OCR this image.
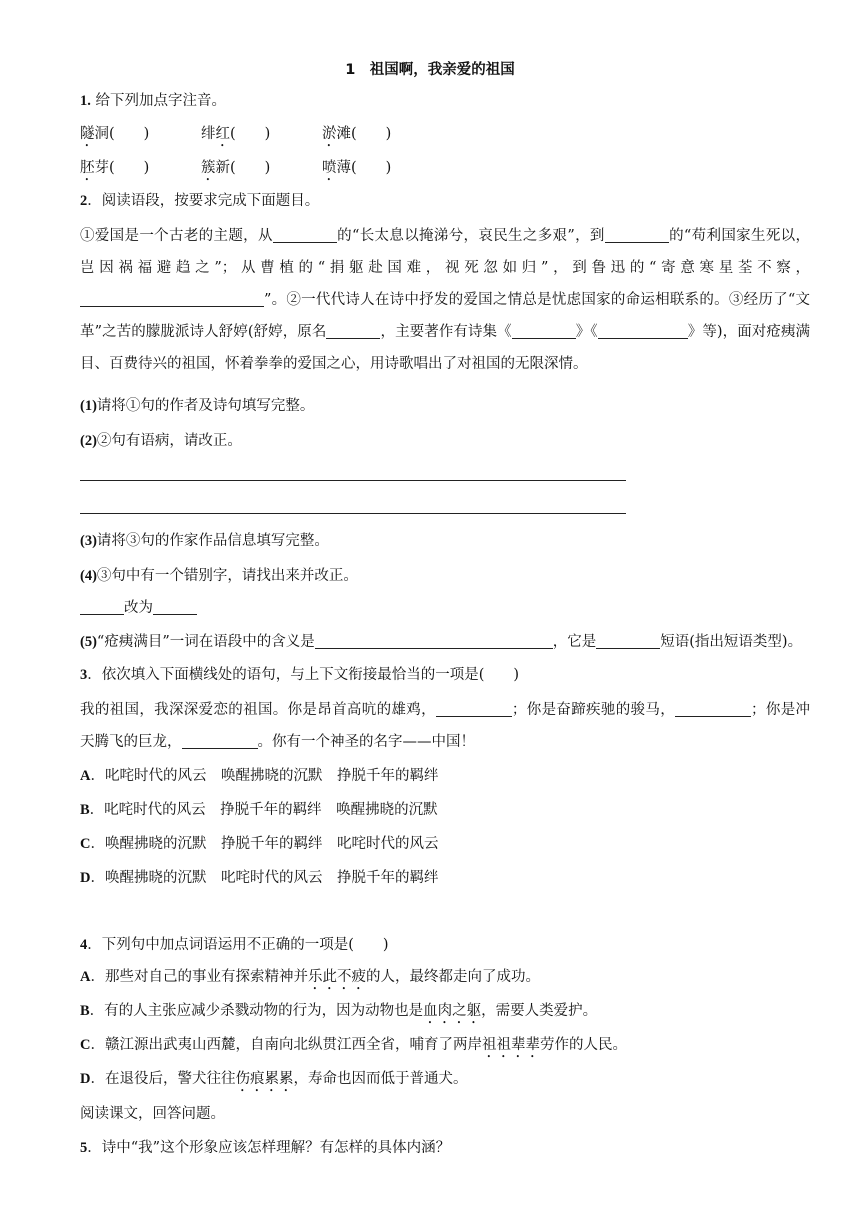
1　祖国啊，我亲爱的祖国
1. 给下列加点字注音。
隧洞(　　)	绯红(　　)	淤滩(　　)
胚芽(　　)	簇新(　　)	喷薄(　　)
2．阅读语段，按要求完成下面题目。
①爱国是一个古老的主题，从	的“长太息以掩涕兮，哀民生之多艰”，到	的“苟利国家生死以，岂因祸福避趋之”；从曹植的“捐躯赴国难，视死忽如归”，到鲁迅的“寄意寒星荃不察，”。②一代代诗人在诗中抒发的爱国之情总是忧虑国家的命运相联系的。③经历了“文革”之苦的朦胧派诗人舒婷(舒婷，原名	，主要著作有诗集《	》《	》等)，面对疮痍满目、百费待兴的祖国，怀着拳拳的爱国之心，用诗歌唱出了对祖国的无限深情。
(1)请将①句的作者及诗句填写完整。
(2)②句有语病，请改正。
(3)请将③句的作家作品信息填写完整。
(4)③句中有一个错别字，请找出来并改正。
改为
(5)“疮痍满目”一词在语段中的含义是	，它是	短语(指出短语类型)。
3．依次填入下面横线处的语句，与上下文衔接最恰当的一项是(　　)
我的祖国，我深深爱恋的祖国。你是昂首高吭的雄鸡，	；你是奋蹄疾驰的骏马，	；你是冲天腾飞的巨龙，	。你有一个神圣的名字——中国！
A．叱咤时代的风云　唤醒拂晓的沉默　挣脱千年的羁绊
B．叱咤时代的风云　挣脱千年的羁绊　唤醒拂晓的沉默
C．唤醒拂晓的沉默　挣脱千年的羁绊　叱咤时代的风云
D．唤醒拂晓的沉默　叱咤时代的风云　挣脱千年的羁绊
4．下列句中加点词语运用不正确的一项是(　　)
A．那些对自己的事业有探索精神并乐此不疲的人，最终都走向了成功。
B．有的人主张应减少杀戮动物的行为，因为动物也是血肉之躯，需要人类爱护。
C．赣江源出武夷山西麓，自南向北纵贯江西全省，哺育了两岸祖祖辈辈劳作的人民。
D．在退役后，警犬往往伤痕累累，寿命也因而低于普通犬。
阅读课文，回答问题。
5．诗中“我”这个形象应该怎样理解？有怎样的具体内涵？
